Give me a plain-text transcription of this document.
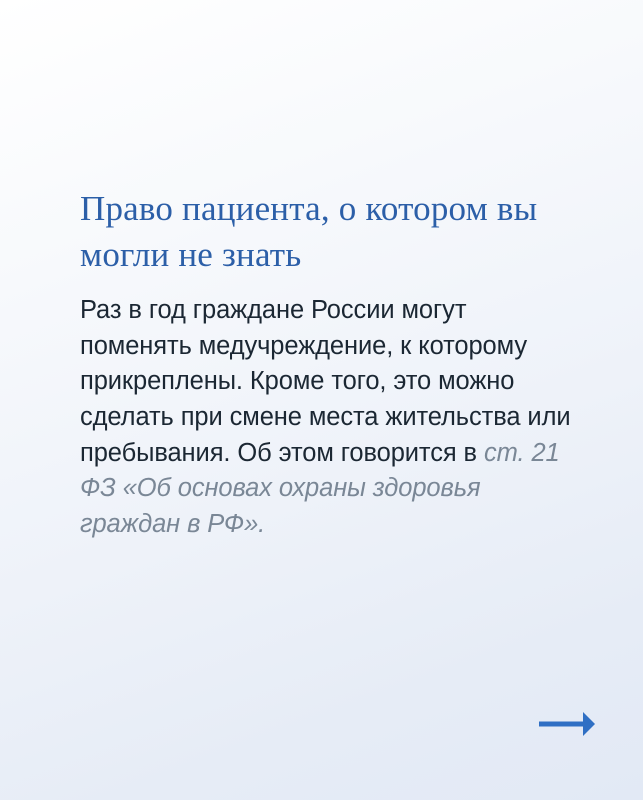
Право пациента, о котором вы могли не знать

Раз в год граждане России могут поменять медучреждение, к которому прикреплены. Кроме того, это можно сделать при смене места жительства или пребывания. Об этом говорится в ст. 21 ФЗ «Об основах охраны здоровья граждан в РФ».
